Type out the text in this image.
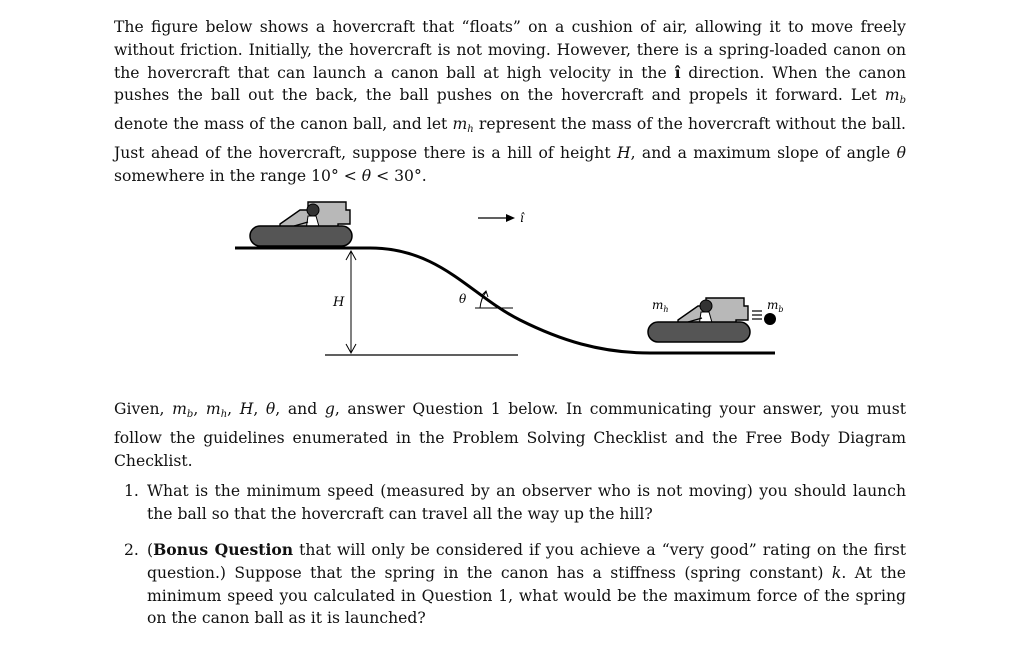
The figure below shows a hovercraft that “floats” on a cushion of air, allowing it to move freely without friction. Initially, the hovercraft is not moving. However, there is a spring-loaded canon on the hovercraft that can launch a canon ball at high velocity in the î direction. When the canon pushes the ball out the back, the ball pushes on the hovercraft and propels it forward. Let $m_b$ denote the mass of the canon ball, and let $m_h$ represent the mass of the hovercraft without the ball. Just ahead of the hovercraft, suppose there is a hill of height H, and a maximum slope of angle θ somewhere in the range 10° < θ < 30°.
H	θ
î
$m_h$	$m_b$
Given, $m_b$, $m_h$, H, θ, and g, answer Question 1 below. In communicating your answer, you must follow the guidelines enumerated in the Problem Solving Checklist and the Free Body Diagram Checklist.
1. What is the minimum speed (measured by an observer who is not moving) you should launch the ball so that the hovercraft can travel all the way up the hill?
2. (Bonus Question that will only be considered if you achieve a “very good” rating on the first question.) Suppose that the spring in the canon has a stiffness (spring constant) k. At the minimum speed you calculated in Question 1, what would be the maximum force of the spring on the canon ball as it is launched?
